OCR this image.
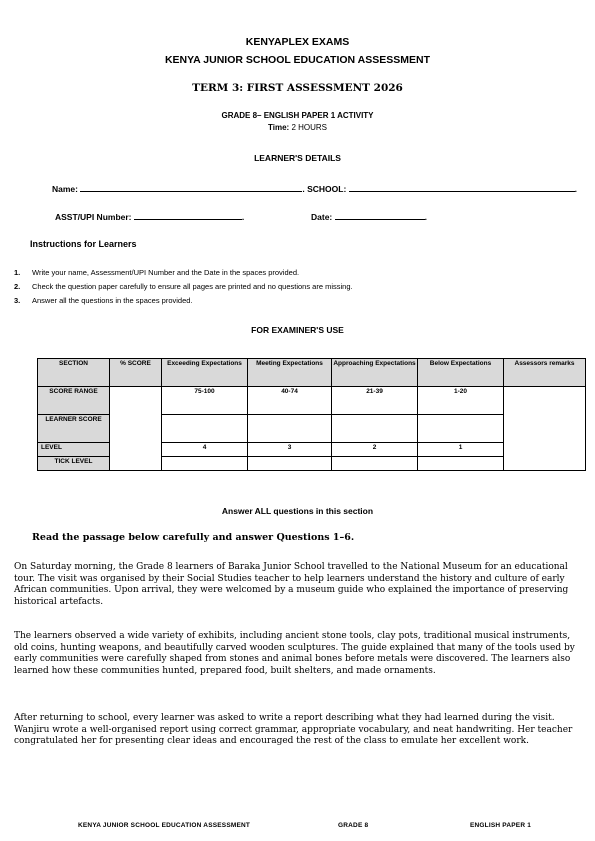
KENYAPLEX EXAMS
KENYA JUNIOR SCHOOL EDUCATION ASSESSMENT
TERM 3: FIRST ASSESSMENT 2026
GRADE 8– ENGLISH PAPER 1 ACTIVITY
Time: 2 HOURS
LEARNER'S DETAILS
Name:	. SCHOOL:	.
ASST/UPI Number:	.	Date:	.
Instructions for Learners
1. Write your name, Assessment/UPI Number and the Date in the spaces provided.
2. Check the question paper carefully to ensure all pages are printed and no questions are missing.
3. Answer all the questions in the spaces provided.
FOR EXAMINER'S USE
SECTION	% SCORE	Exceeding Expectations	Meeting Expectations	Approaching Expectations	Below Expectations	Assessors remarks
SCORE RANGE		75-100	40-74	21-39	1-20	
LEARNER SCORE						
LEVEL		4	3	2	1	
TICK LEVEL						
Answer ALL questions in this section
Read the passage below carefully and answer Questions 1–6.

On Saturday morning, the Grade 8 learners of Baraka Junior School travelled to the National Museum for an educational tour. The visit was organised by their Social Studies teacher to help learners understand the history and culture of early African communities. Upon arrival, they were welcomed by a museum guide who explained the importance of preserving historical artefacts.

The learners observed a wide variety of exhibits, including ancient stone tools, clay pots, traditional musical instruments, old coins, hunting weapons, and beautifully carved wooden sculptures. The guide explained that many of the tools used by early communities were carefully shaped from stones and animal bones before metals were discovered. The learners also learned how these communities hunted, prepared food, built shelters, and made ornaments.

After returning to school, every learner was asked to write a report describing what they had learned during the visit. Wanjiru wrote a well-organised report using correct grammar, appropriate vocabulary, and neat handwriting. Her teacher congratulated her for presenting clear ideas and encouraged the rest of the class to emulate her excellent work.

KENYA JUNIOR SCHOOL EDUCATION ASSESSMENT	GRADE 8	ENGLISH PAPER 1
